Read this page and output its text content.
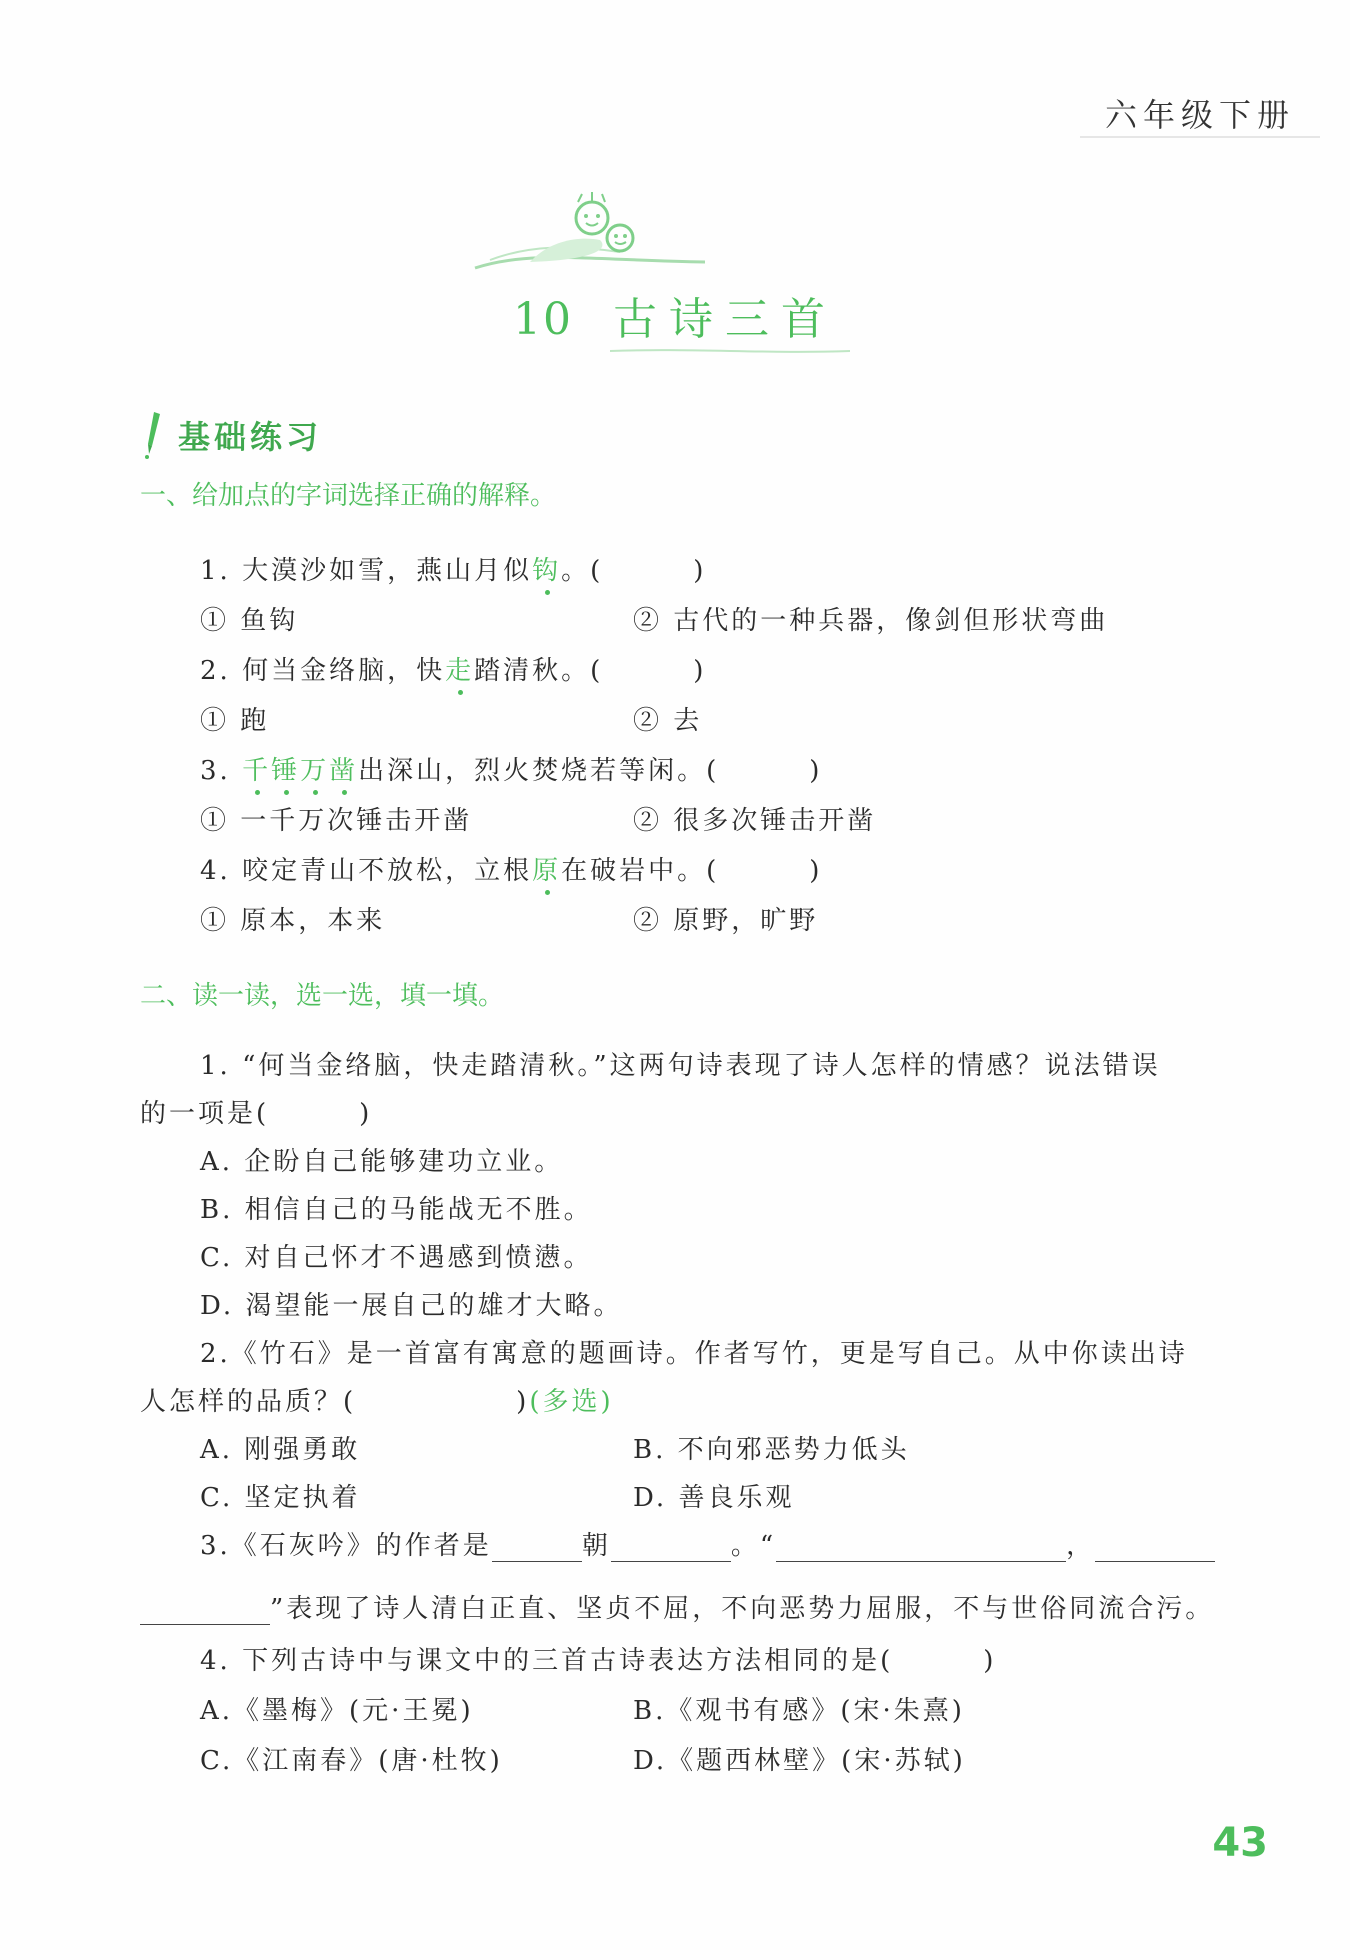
六年级下册
10 古诗三首
基础练习
一、给加点的字词选择正确的解释。
1. 大漠沙如雪，燕山月似钩。(	)
① 鱼钩	② 古代的一种兵器，像剑但形状弯曲
2. 何当金络脑，快走踏清秋。(	)
① 跑	② 去
3. 千锤万凿出深山，烈火焚烧若等闲。(	)
① 一千万次锤击开凿	② 很多次锤击开凿
4. 咬定青山不放松，立根原在破岩中。(	)
① 原本，本来	② 原野，旷野
二、读一读，选一选，填一填。
1. “何当金络脑，快走踏清秋。”这两句诗表现了诗人怎样的情感？说法错误
的一项是(	)
A. 企盼自己能够建功立业。
B. 相信自己的马能战无不胜。
C. 对自己怀才不遇感到愤懑。
D. 渴望能一展自己的雄才大略。
2.《竹石》是一首富有寓意的题画诗。作者写竹，更是写自己。从中你读出诗
人怎样的品质？(	)(多选)
A. 刚强勇敢	B. 不向邪恶势力低头
C. 坚定执着	D. 善良乐观
3.《石灰吟》的作者是	朝	。“	，
”表现了诗人清白正直、坚贞不屈，不向恶势力屈服，不与世俗同流合污。
4. 下列古诗中与课文中的三首古诗表达方法相同的是(	)
A.《墨梅》(元·王冕)	B.《观书有感》(宋·朱熹)
C.《江南春》(唐·杜牧)	D.《题西林壁》(宋·苏轼)
43
